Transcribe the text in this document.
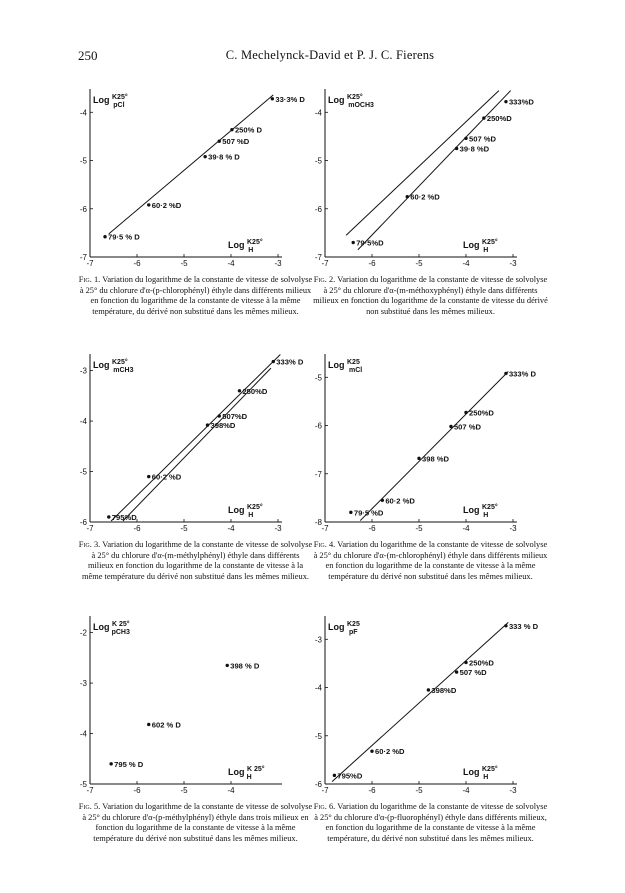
250	C. Mechelynck-David et P. J. C. Fierens
-7	-6	-5	-4	-3
-4
-5
-6
-7
33·3% D
250% D
507 %D
39·8 % D
60·2 %D
79·5 % D
Log $^{K25^\circ}$ pCl
Log $^{K25^\circ}$ H
Fig. 1. Variation du logarithme de la constante de vitesse de solvolyse à 25° du chlorure d'α-(p-chlorophényl) éthyle dans différents milieux en fonction du logarithme de la constante de vitesse à la même température, du dérivé non substitué dans les mêmes milieux.
-7	-6	-5	-4	-3
-4
-5
-6
-7
333%D
250%D
507 %D
39·8 %D
60·2 %D
79·5%D
Log $^{K25^\circ}$ mOCH3
Log $^{K25^\circ}$ H
Fig. 2. Variation du logarithme de la constante de vitesse de solvolyse à 25° du chlorure d'α-(m-méthoxyphényl) éthyle dans différents milieux en fonction du logarithme de la constante de vitesse du dérivé non substitué dans les mêmes milieux.
-7	-6	-5	-4	-3
-3
-4
-5
-6
333% D
250%D
507%D
398%D
60·2 %D
795%D
Log $^{K25^\circ}$ mCH3
Log $^{K25^\circ}$ H
Fig. 3. Variation du logarithme de la constante de vitesse de solvolyse à 25° du chlorure d'α-(m-méthylphényl) éthyle dans différents milieux en fonction du logarithme de la constante de vitesse à la même température du dérivé non substitué dans les mêmes milieux.
-7	-6	-5	-4	-3
-5
-6
-7
-8
333% D
250%D
507 %D
398 %D
60·2 %D
79·5 %D
Log $^{K25}$ mCl
Log $^{K25^\circ}$ H
Fig. 4. Variation du logarithme de la constante de vitesse de solvolyse à 25° du chlorure d'α-(m-chlorophényl) éthyle dans différents milieux en fonction du logarithme de la constante de vitesse à la même température du dérivé non substitué dans les mêmes milieux.
-7	-6	-5	-4
-2
-3
-4
-5
398 % D
602 % D
795 % D
Log $^{K 25^\circ}$ pCH3
Log $^{K 25^\circ}$ H
Fig. 5. Variation du logarithme de la constante de vitesse de solvolyse à 25° du chlorure d'α-(p-méthylphényl) éthyle dans trois milieux en fonction du logarithme de la constante de vitesse à la même température du dérivé non substitué dans les mêmes milieux.
-7	-6	-5	-4	-3
-3
-4
-5
-6
333 % D
250%D
507 %D
398%D
60·2 %D
795%D
Log $^{K25}$ pF
Log $^{K25^\circ}$ H
Fig. 6. Variation du logarithme de la constante de vitesse de solvolyse à 25° du chlorure d'α-(p-fluorophényl) éthyle dans différents milieux, en fonction du logarithme de la constante de vitesse à la même température, du dérivé non substitué dans les mêmes milieux.
